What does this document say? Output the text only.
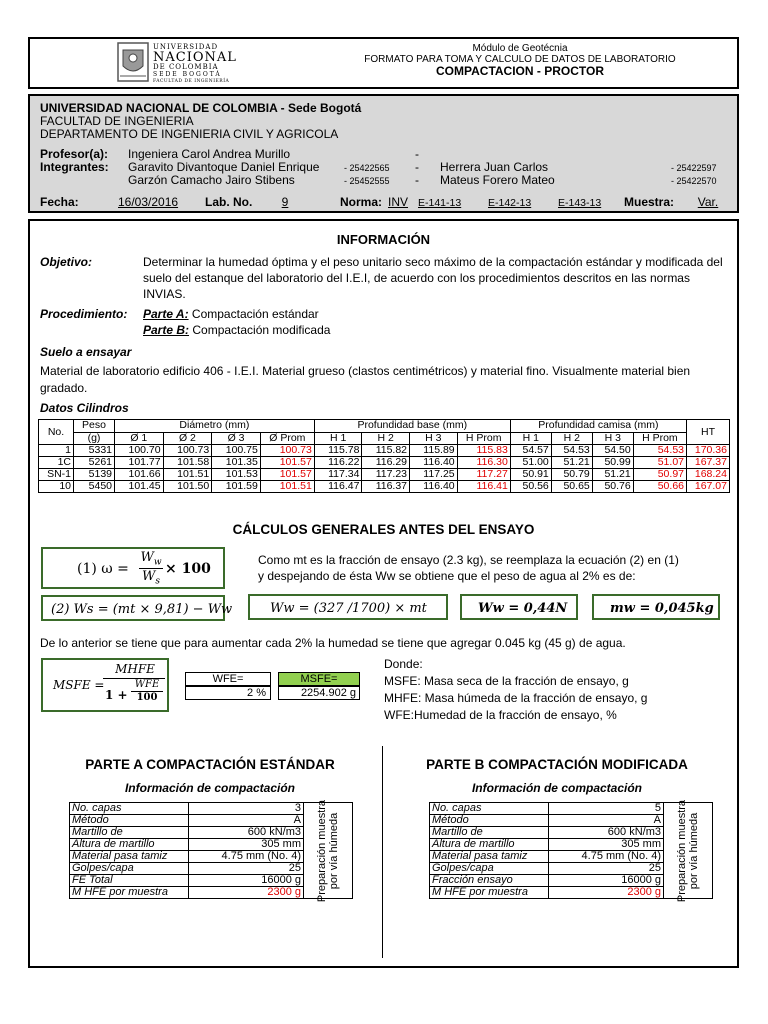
UNIVERSIDAD
NACIONAL
DE COLOMBIA
SEDE BOGOTÁ
FACULTAD DE INGENIERÍA
Módulo de Geotécnia
FORMATO PARA TOMA Y CALCULO DE DATOS DE LABORATORIO
COMPACTACION - PROCTOR
UNIVERSIDAD NACIONAL DE COLOMBIA - Sede Bogotá
FACULTAD DE INGENIERIA
DEPARTAMENTO DE INGENIERIA CIVIL Y AGRICOLA
Profesor(a): Ingeniera Carol Andrea Murillo	-
Integrantes: Garavito Divantoque Daniel Enrique	- 25422565 - Herrera Juan Carlos	- 25422597
Garzón Camacho Jairo Stibens	- 25452555 - Mateus Forero Mateo	- 25422570
Fecha:	16/03/2016 Lab. No.	9	Norma: INV E-141-13	E-142-13	E-143-13 Muestra:	Var.
INFORMACIÓN
Objetivo:	Determinar la humedad óptima y el peso unitario seco máximo de la compactación estándar y modificada del suelo del estanque del laboratorio del I.E.I, de acuerdo con los procedimientos descritos en las normas INVIAS.
Procedimiento: Parte A: Compactación estándar
Parte B: Compactación modificada
Suelo a ensayar
Material de laboratorio edificio 406 - I.E.I. Material grueso (clastos centimétricos) y material fino. Visualmente material bien gradado.
Datos Cilindros
No.	Peso	Diámetro (mm)				Profundidad base (mm)				Profundidad camisa (mm)				HT
	(g)	Ø 1	Ø 2	Ø 3	Ø Prom	H 1	H 2	H 3	H Prom	H 1	H 2	H 3	H Prom	
1	5331	100.70	100.73	100.75	100.73	115.78	115.82	115.89	115.83	54.57	54.53	54.50	54.53	170.36
1C	5261	101.77	101.58	101.35	101.57	116.22	116.29	116.40	116.30	51.00	51.21	50.99	51.07	167.37
SN-1	5139	101.66	101.51	101.53	101.57	117.34	117.23	117.25	117.27	50.91	50.79	51.21	50.97	168.24
10	5450	101.45	101.50	101.59	101.51	116.47	116.37	116.40	116.41	50.56	50.65	50.76	50.66	167.07
CÁLCULOS GENERALES ANTES DEL ENSAYO
(1) ω =
$W_w$
$W_s$
× 100
Como mt es la fracción de ensayo (2.3 kg), se reemplaza la ecuación (2) en (1)
y despejando de ésta Ww se obtiene que el peso de agua al 2% es de:
(2) Ws = (mt × 9,81) − Ww	Ww = (327 /1700) × mt	Ww = 0,44N	mw = 0,045kg
De lo anterior se tiene que para aumentar cada 2% la humedad se tiene que agregar 0.045 kg (45 g) de agua.
MSFE =
MHFE
1 +
WFE
100
WFE=
2 %
MSFE=
2254.902 g
Donde:
MSFE: Masa seca de la fracción de ensayo, g
MHFE: Masa húmeda de la fracción de ensayo, g
WFE:Humedad de la fracción de ensayo, %
PARTE A COMPACTACIÓN ESTÁNDAR
Información de compactación
No. capas	3	Preparación muestra por vía húmeda

Método	A	
Martillo de	600 kN/m3	
Altura de martillo	305 mm	
Material pasa tamiz	4.75 mm (No. 4)	
Golpes/capa	25	
FE Total	16000 g	
M HFE por muestra	2300 g	
PARTE B COMPACTACIÓN MODIFICADA
Información de compactación
No. capas	5	Preparación muestra por vía húmeda

Método	A	
Martillo de	600 kN/m3	
Altura de martillo	305 mm	
Material pasa tamiz	4.75 mm (No. 4)	
Golpes/capa	25	
Fracción ensayo	16000 g	
M HFE por muestra	2300 g	
